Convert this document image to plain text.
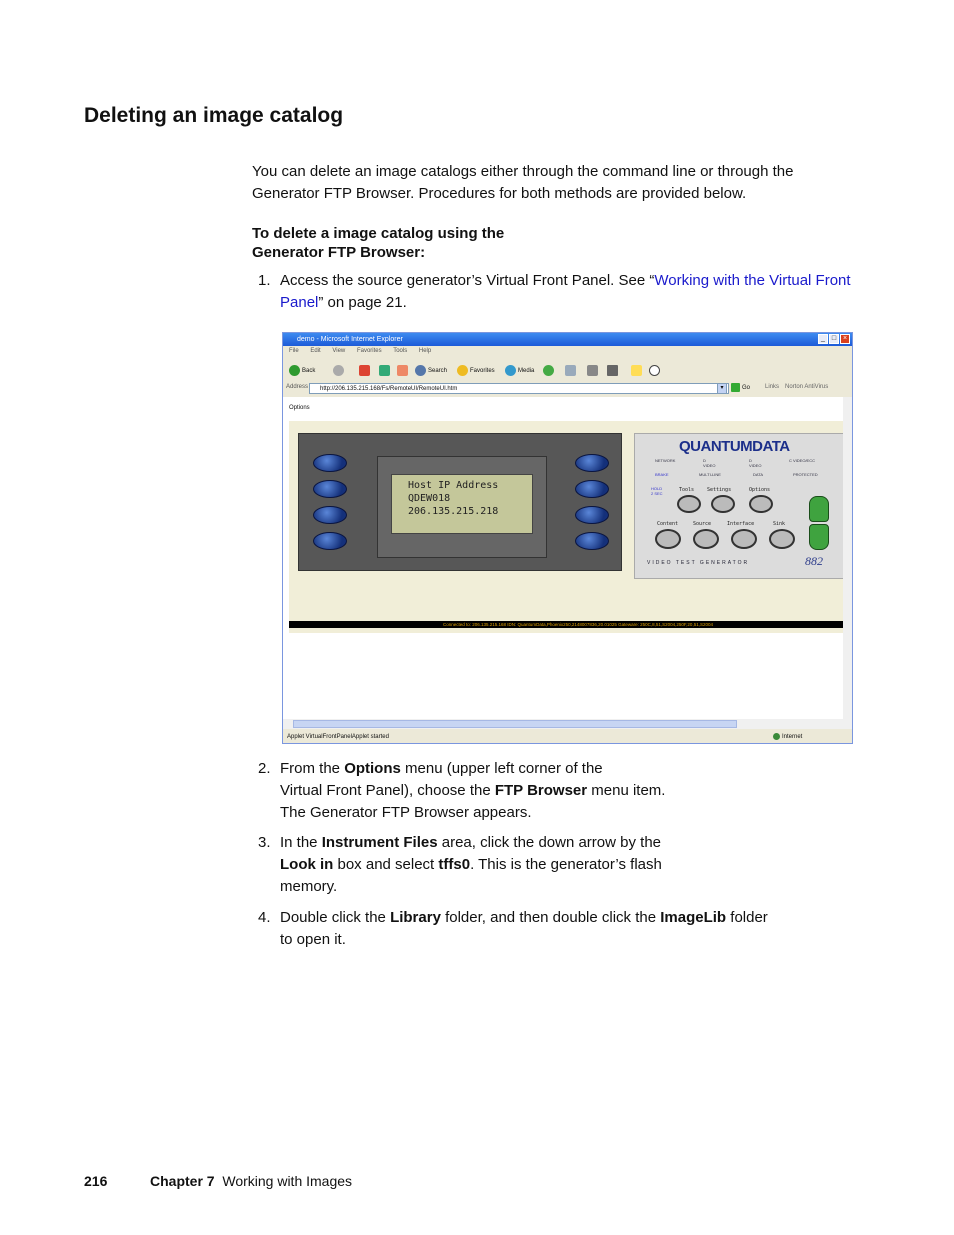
Deleting an image catalog

You can delete an image catalogs either through the command line or through the
Generator FTP Browser. Procedures for both methods are provided below.

To delete a image catalog using the
Generator FTP Browser:
1. Access the source generator’s Virtual Front Panel. See “Working with the Virtual Front
Panel” on page 21.
demo - Microsoft Internet Explorer	_ □ ×
File Edit View Favorites Tools Help
Back	Search	Favorites	Media
Address	http://206.135.215.168/Fs/RemoteUI/RemoteUI.htm	▾	Go Links Norton AntiVirus
Options
Host IP Address
QDEW018
206.135.215.218
QUANTUMDATA
NETWORK	D VIDEO
D VIDEO
C VIDEO/ECC
BRAKE	MULTI-LINE	DATA	PROTECTED
HOLD 2 SEC
Tools	Settings	Options
Content	Source	Interface	Sink
VIDEO TEST GENERATOR	882
Connected to: 206.135.215.168 IDN: QuantumData,Phoenix250,2148007836,20.01025 Gateware: 250C,8,51,S2004,250F,20,51,S2004
Applet VirtualFrontPanelApplet started	Internet
2. From the Options menu (upper left corner of the
Virtual Front Panel), choose the FTP Browser menu item.
The Generator FTP Browser appears.
3. In the Instrument Files area, click the down arrow by the
Look in box and select tffs0. This is the generator’s flash
memory.
4. Double click the Library folder, and then double click the ImageLib folder
to open it.
216	Chapter 7 Working with Images
